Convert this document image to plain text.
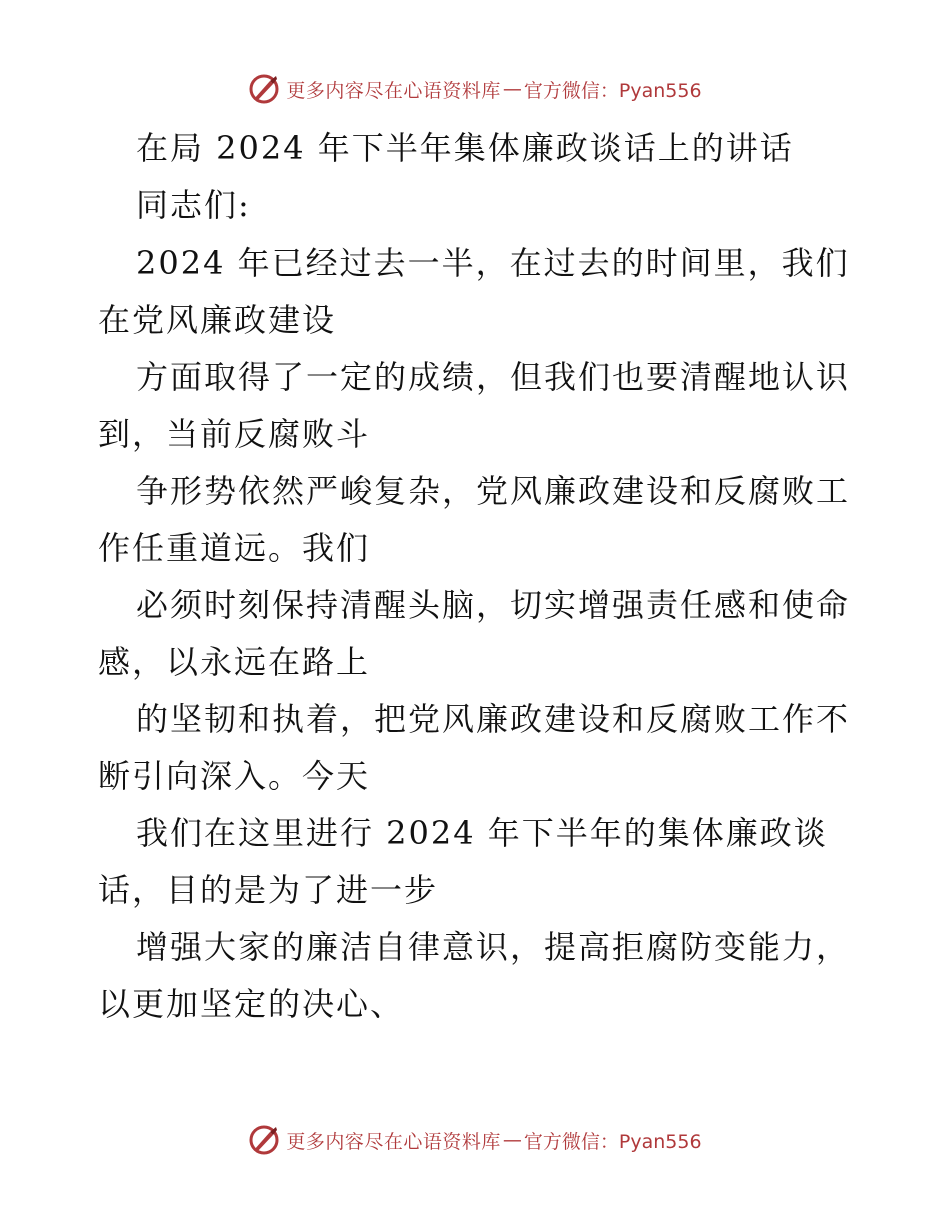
更多内容尽在心语资料库 — 官方微信：Pyan556
在局 2024 年下半年集体廉政谈话上的讲话
同志们:
2024 年已经过去一半，在过去的时间里，我们
在党风廉政建设
方面取得了一定的成绩，但我们也要清醒地认识
到，当前反腐败斗
争形势依然严峻复杂，党风廉政建设和反腐败工
作任重道远。我们
必须时刻保持清醒头脑，切实增强责任感和使命
感，以永远在路上
的坚韧和执着，把党风廉政建设和反腐败工作不
断引向深入。今天
我们在这里进行 2024 年下半年的集体廉政谈
话，目的是为了进一步
增强大家的廉洁自律意识，提高拒腐防变能力，
以更加坚定的决心、
更多内容尽在心语资料库 — 官方微信：Pyan556
